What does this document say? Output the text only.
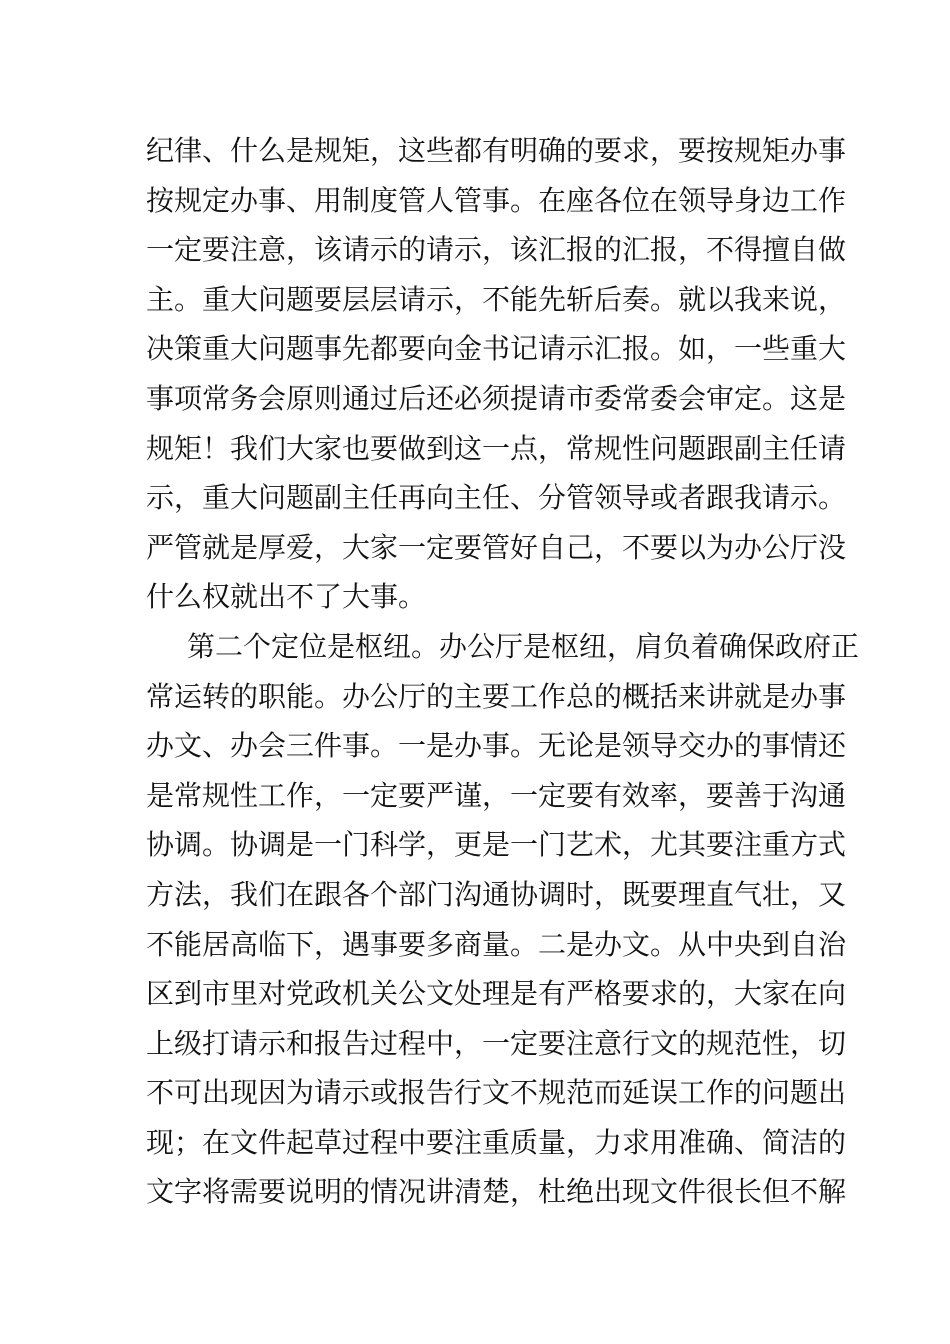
纪律、什么是规矩，这些都有明确的要求，要按规矩办事
按规定办事、用制度管人管事。在座各位在领导身边工作
一定要注意，该请示的请示，该汇报的汇报，不得擅自做
主。重大问题要层层请示，不能先斩后奏。就以我来说，
决策重大问题事先都要向金书记请示汇报。如，一些重大
事项常务会原则通过后还必须提请市委常委会审定。这是
规矩！我们大家也要做到这一点，常规性问题跟副主任请
示，重大问题副主任再向主任、分管领导或者跟我请示。
严管就是厚爱，大家一定要管好自己，不要以为办公厅没
什么权就出不了大事。
第二个定位是枢纽。办公厅是枢纽，肩负着确保政府正
常运转的职能。办公厅的主要工作总的概括来讲就是办事
办文、办会三件事。一是办事。无论是领导交办的事情还
是常规性工作，一定要严谨，一定要有效率，要善于沟通
协调。协调是一门科学，更是一门艺术，尤其要注重方式
方法，我们在跟各个部门沟通协调时，既要理直气壮，又
不能居高临下，遇事要多商量。二是办文。从中央到自治
区到市里对党政机关公文处理是有严格要求的，大家在向
上级打请示和报告过程中，一定要注意行文的规范性，切
不可出现因为请示或报告行文不规范而延误工作的问题出
现；在文件起草过程中要注重质量，力求用准确、简洁的
文字将需要说明的情况讲清楚，杜绝出现文件很长但不解
